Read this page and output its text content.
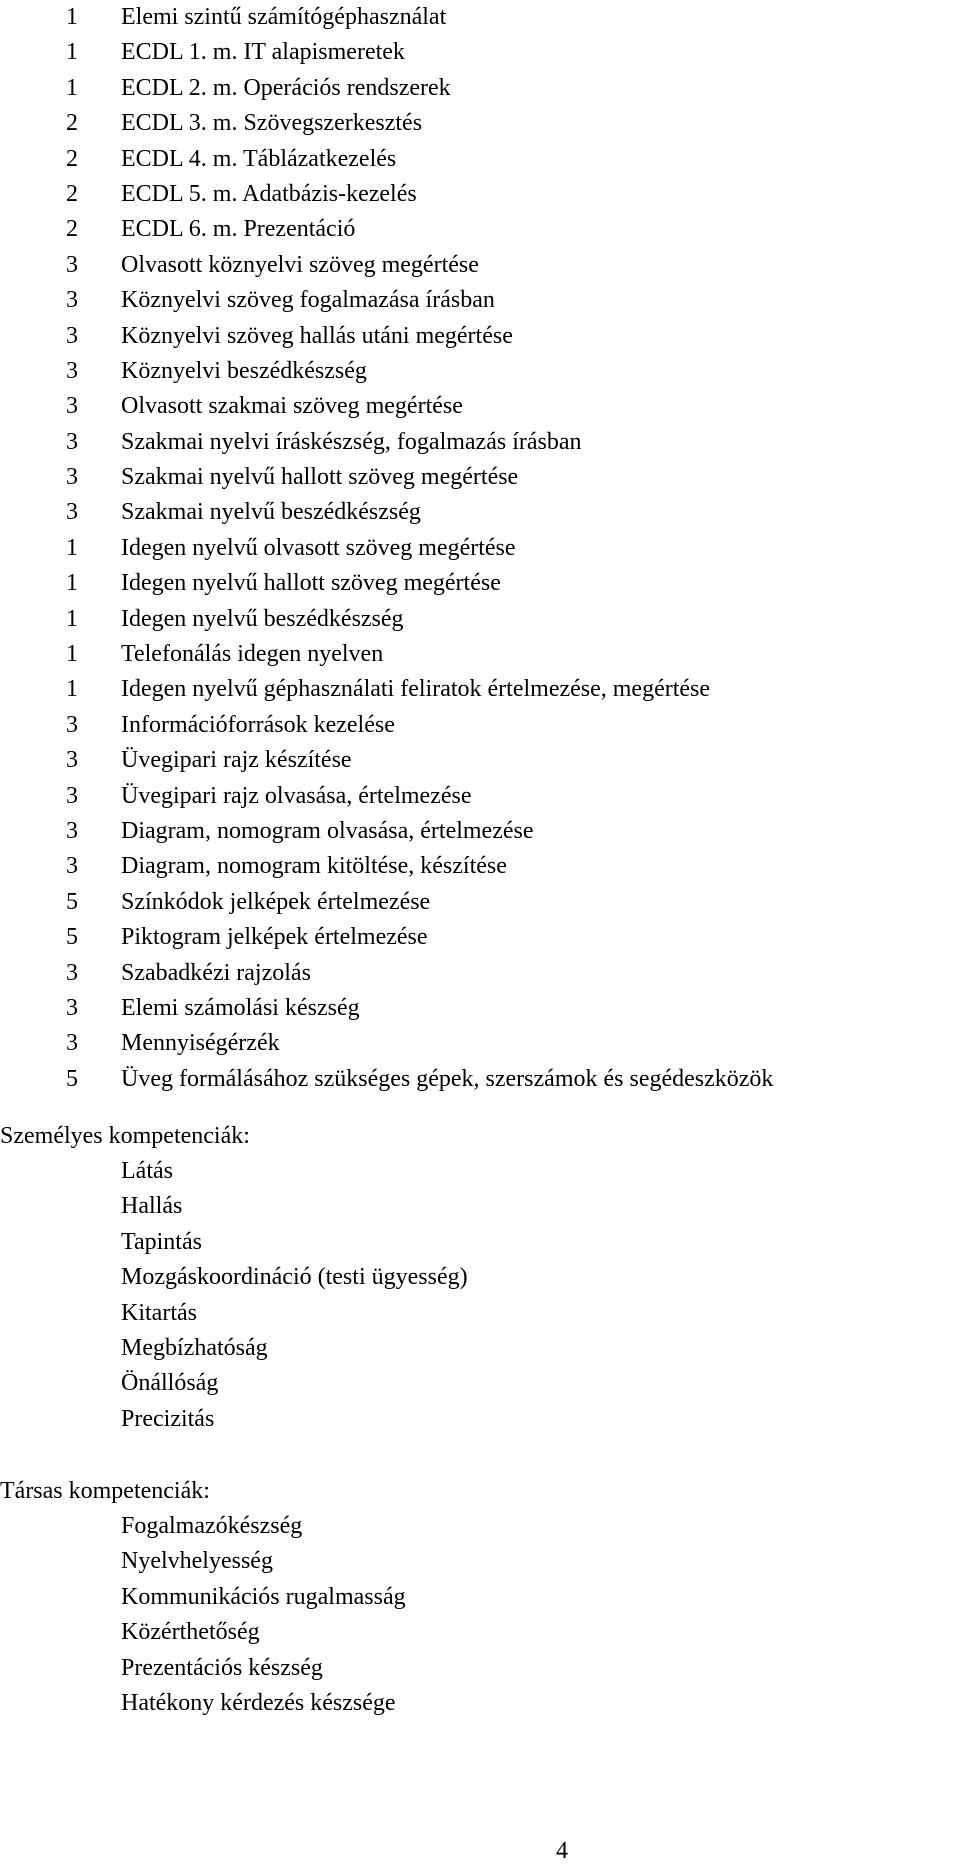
1 Elemi szintű számítógéphasználat
1 ECDL 1. m. IT alapismeretek
1 ECDL 2. m. Operációs rendszerek
2 ECDL 3. m. Szövegszerkesztés
2 ECDL 4. m. Táblázatkezelés
2 ECDL 5. m. Adatbázis-kezelés
2 ECDL 6. m. Prezentáció
3 Olvasott köznyelvi szöveg megértése
3 Köznyelvi szöveg fogalmazása írásban
3 Köznyelvi szöveg hallás utáni megértése
3 Köznyelvi beszédkészség
3 Olvasott szakmai szöveg megértése
3 Szakmai nyelvi íráskészség, fogalmazás írásban
3 Szakmai nyelvű hallott szöveg megértése
3 Szakmai nyelvű beszédkészség
1 Idegen nyelvű olvasott szöveg megértése
1 Idegen nyelvű hallott szöveg megértése
1 Idegen nyelvű beszédkészség
1 Telefonálás idegen nyelven
1 Idegen nyelvű géphasználati feliratok értelmezése, megértése
3 Információforrások kezelése
3 Üvegipari rajz készítése
3 Üvegipari rajz olvasása, értelmezése
3 Diagram, nomogram olvasása, értelmezése
3 Diagram, nomogram kitöltése, készítése
5 Színkódok jelképek értelmezése
5 Piktogram jelképek értelmezése
3 Szabadkézi rajzolás
3 Elemi számolási készség
3 Mennyiségérzék
5 Üveg formálásához szükséges gépek, szerszámok és segédeszközök
Személyes kompetenciák:
Látás
Hallás
Tapintás
Mozgáskoordináció (testi ügyesség)
Kitartás
Megbízhatóság
Önállóság
Precizitás
Társas kompetenciák:
Fogalmazókészség
Nyelvhelyesség
Kommunikációs rugalmasság
Közérthetőség
Prezentációs készség
Hatékony kérdezés készsége
4
